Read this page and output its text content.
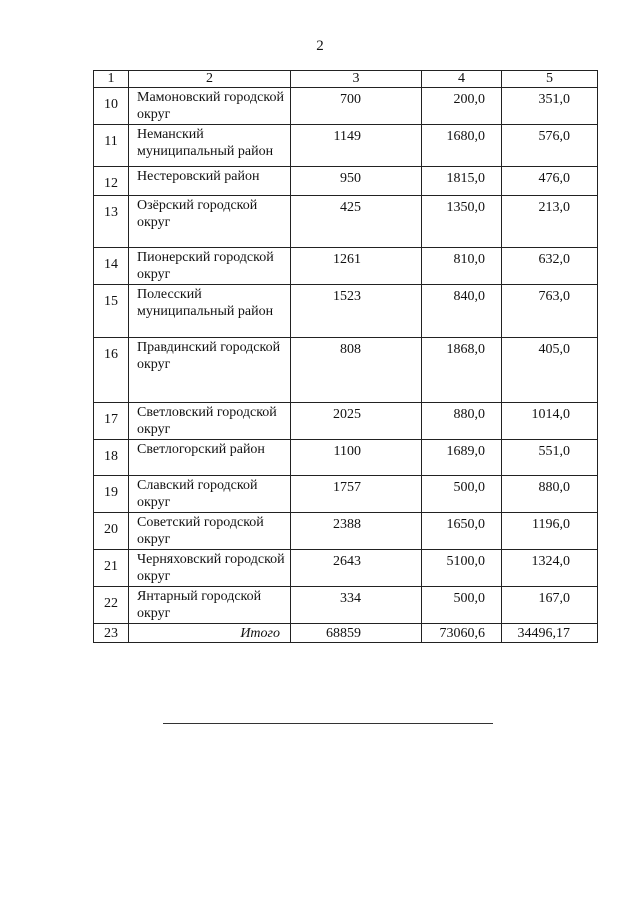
2
1	2	3	4	5
10	Мамоновский городской округ	700	200,0	351,0
11	Неманский муниципальный район	1149	1680,0	576,0
12	Нестеровский район	950	1815,0	476,0
13	Озёрский городской округ	425	1350,0	213,0
14	Пионерский городской округ	1261	810,0	632,0
15	Полесский муниципальный район	1523	840,0	763,0
16	Правдинский городской округ	808	1868,0	405,0
17	Светловский городской округ	2025	880,0	1014,0
18	Светлогорский район	1100	1689,0	551,0
19	Славский городской округ	1757	500,0	880,0
20	Советский городской округ	2388	1650,0	1196,0
21	Черняховский городской округ	2643	5100,0	1324,0
22	Янтарный городской округ	334	500,0	167,0
23	Итого	68859	73060,6	34496,17
